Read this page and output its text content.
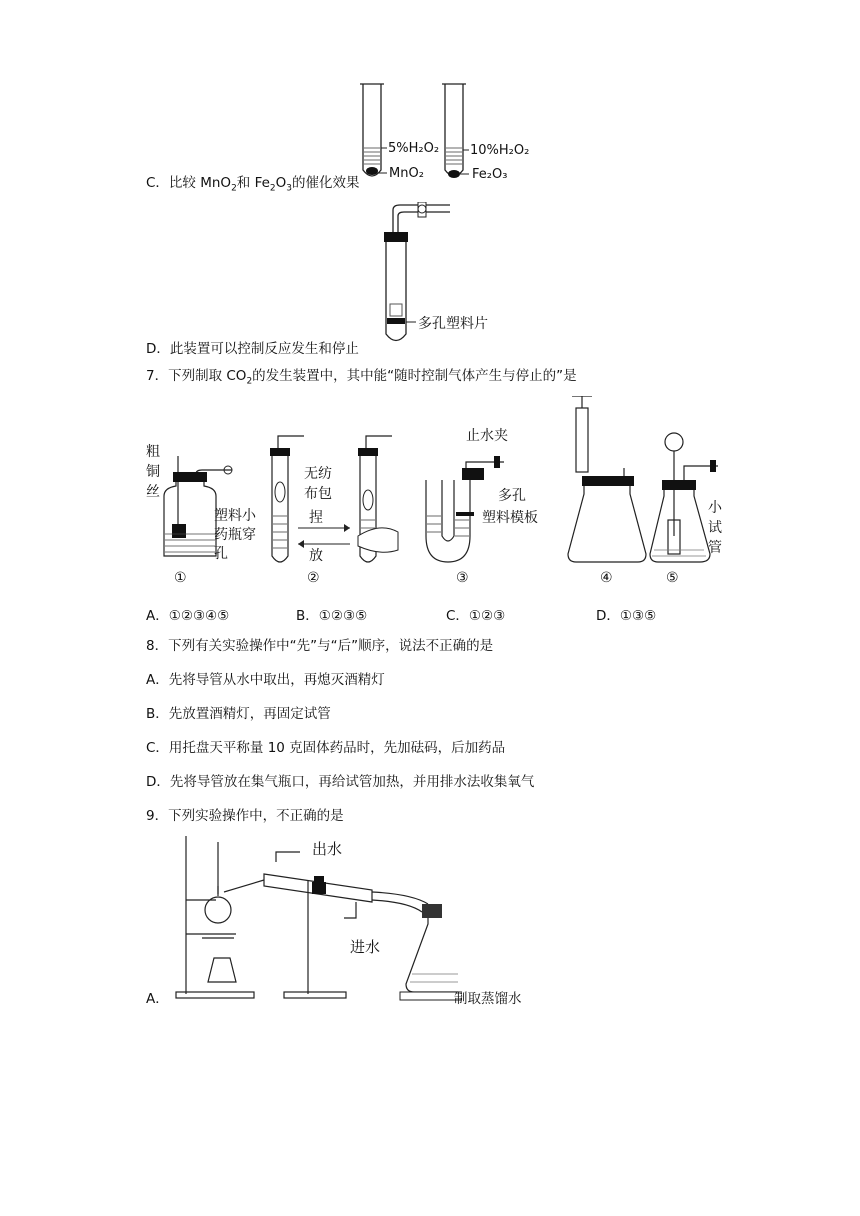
5%H₂O₂
MnO₂
10%H₂O₂
Fe₂O₃
C．比较 MnO$_2$和 $Fe_2O_3$的催化效果
多孔塑料片
D．此装置可以控制反应发生和停止
7．下列制取 $CO_2$的发生装置中，其中能“随时控制气体产生与停止的”是
粗
铜
丝
塑料小
药瓶穿
孔
①
无纺
布包
捏
放
②
止水夹
多孔
塑料模板
③	④
小
试
管
⑤
A．①②③④⑤	B．①②③⑤	C．①②③	D．①③⑤
8．下列有关实验操作中“先”与“后”顺序，说法不正确的是
A．先将导管从水中取出，再熄灭酒精灯
B．先放置酒精灯，再固定试管
C．用托盘天平称量 10 克固体药品时，先加砝码，后加药品
D．先将导管放在集气瓶口，再给试管加热，并用排水法收集氧气
9．下列实验操作中，不正确的是
出水
进水
A．	制取蒸馏水
